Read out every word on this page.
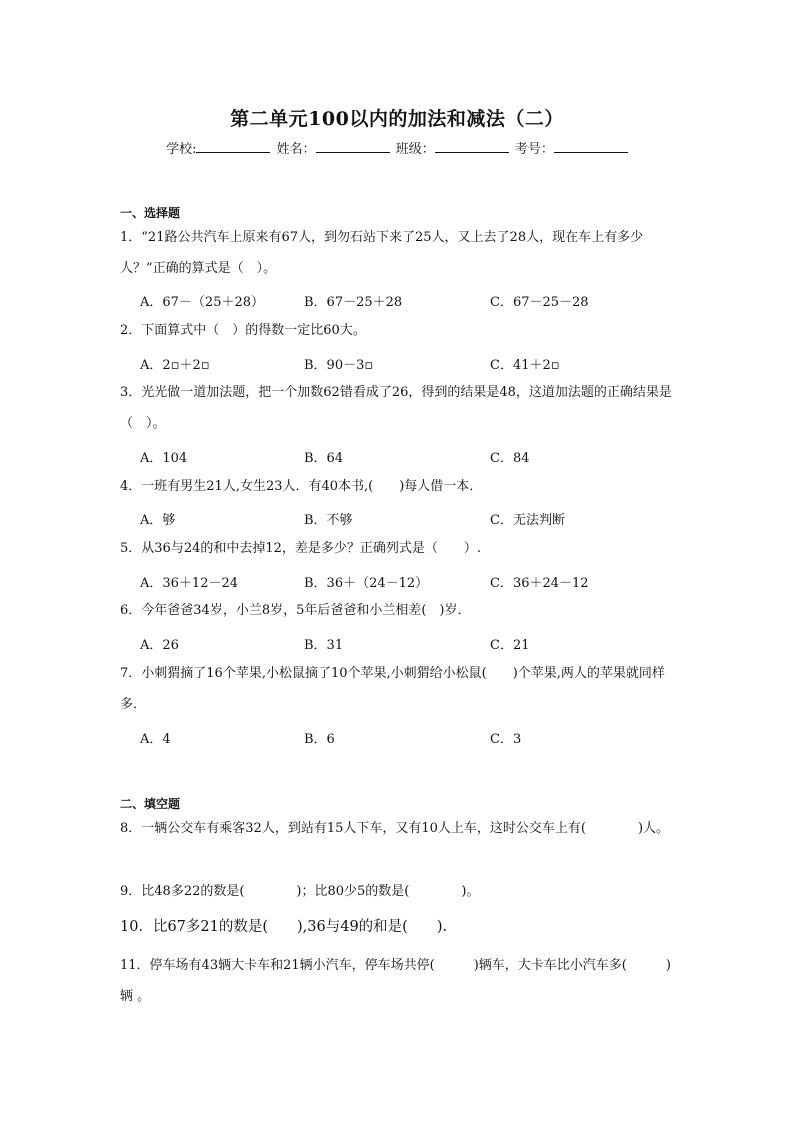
第二单元100以内的加法和减法（二）
学校:	姓名：	班级：	考号：
一、选择题
1．“21路公共汽车上原来有67人，到勿石站下来了25人，又上去了28人，现在车上有多少人？”正确的算式是（　）。
A．67－（25＋28）	B．67－25＋28	C．67－25－28
2．下面算式中（　）的得数一定比60大。
A．2▫＋2▫	B．90－3▫	C．41＋2▫
3．光光做一道加法题，把一个加数62错看成了26，得到的结果是48，这道加法题的正确结果是（　）。
A．104	B．64	C．84
4．一班有男生21人,女生23人．有40本书,(　　)每人借一本．
A．够	B．不够	C．无法判断
5．从36与24的和中去掉12，差是多少？正确列式是（　　）.
A．36＋12－24	B．36＋（24－12）	C．36＋24－12
6．今年爸爸34岁，小兰8岁，5年后爸爸和小兰相差(　)岁．
A．26	B．31	C．21
7．小刺猬摘了16个苹果,小松鼠摘了10个苹果,小刺猬给小松鼠(　　)个苹果,两人的苹果就同样多．
A．4	B．6	C．3
二、填空题
8．一辆公交车有乘客32人，到站有15人下车，又有10人上车，这时公交车上有(　　　　)人。
9．比48多22的数是(　　　　)；比80少5的数是(　　　　)。
10．比67多21的数是(　　),36与49的和是(　　).
11．停车场有43辆大卡车和21辆小汽车，停车场共停(　　　)辆车，大卡车比小汽车多(　　　)辆 。
